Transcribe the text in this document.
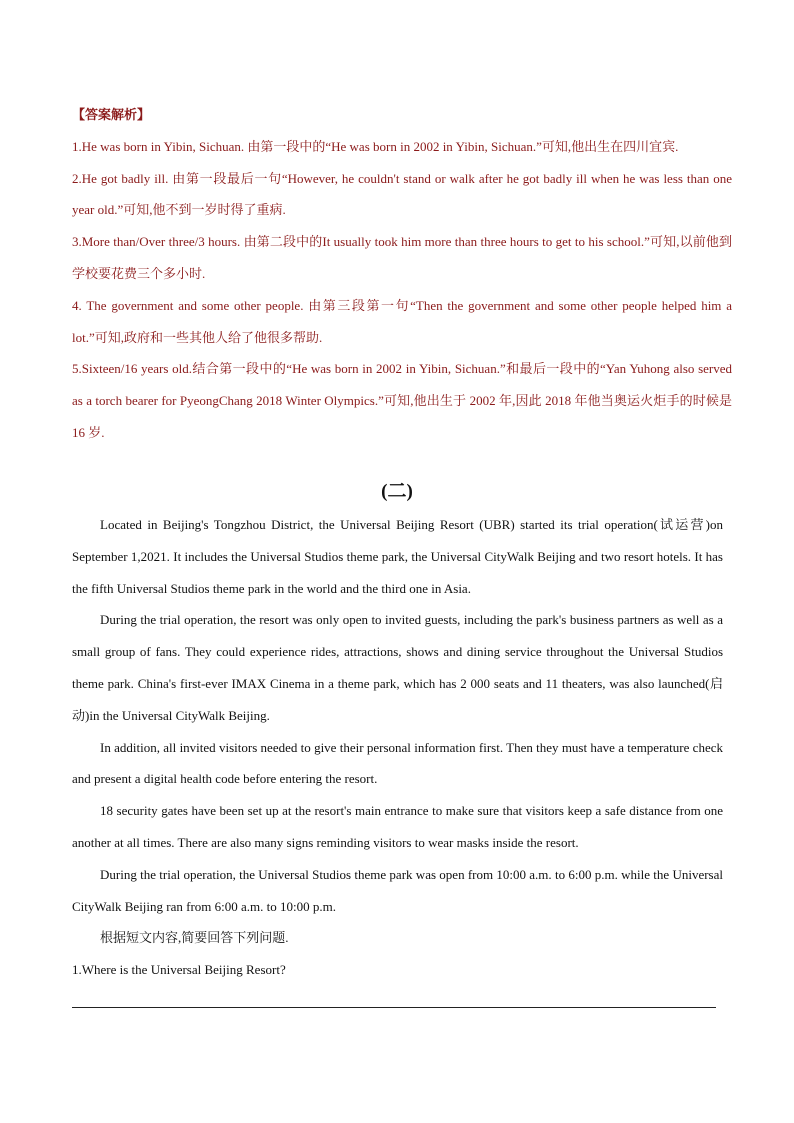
【答案解析】

1.He was born in Yibin, Sichuan. 由第一段中的“He was born in 2002 in Yibin, Sichuan.”可知,他出生在四川宜宾.

2.He got badly ill. 由第一段最后一句“However, he couldn't stand or walk after he got badly ill when he was less than one year old.”可知,他不到一岁时得了重病.

3.More than/Over three/3 hours. 由第二段中的It usually took him more than three hours to get to his school.”可知,以前他到学校要花费三个多小时.

4. The government and some other people. 由第三段第一句“Then the government and some other people helped him a lot.”可知,政府和一些其他人给了他很多帮助.

5.Sixteen/16 years old.结合第一段中的“He was born in 2002 in Yibin, Sichuan.”和最后一段中的“Yan Yuhong also served as a torch bearer for PyeongChang 2018 Winter Olympics.”可知,他出生于 2002 年,因此 2018 年他当奥运火炬手的时候是 16 岁.

(二)

Located in Beijing's Tongzhou District, the Universal Beijing Resort (UBR) started its trial operation(试运营)on September 1,2021. It includes the Universal Studios theme park, the Universal CityWalk Beijing and two resort hotels. It has the fifth Universal Studios theme park in the world and the third one in Asia.

During the trial operation, the resort was only open to invited guests, including the park's business partners as well as a small group of fans. They could experience rides, attractions, shows and dining service throughout the Universal Studios theme park. China's first-ever IMAX Cinema in a theme park, which has 2 000 seats and 11 theaters, was also launched(启动)in the Universal CityWalk Beijing.

In addition, all invited visitors needed to give their personal information first. Then they must have a temperature check and present a digital health code before entering the resort.

18 security gates have been set up at the resort's main entrance to make sure that visitors keep a safe distance from one another at all times. There are also many signs reminding visitors to wear masks inside the resort.

During the trial operation, the Universal Studios theme park was open from 10:00 a.m. to 6:00 p.m. while the Universal CityWalk Beijing ran from 6:00 a.m. to 10:00 p.m.

根据短文内容,简要回答下列问题.

1.Where is the Universal Beijing Resort?
